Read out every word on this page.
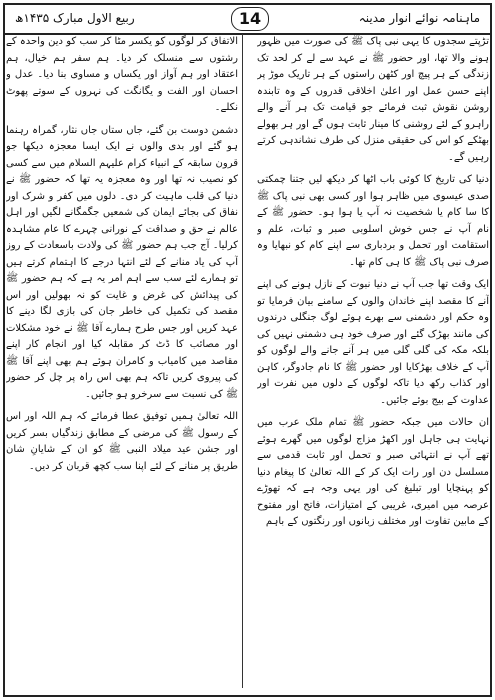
ربیع الاول مبارک ۱۴۳۵ھ	14	ماہنامہ نوائے انوار مدینہ

تڑپتے سجدوں کا یہی نبی پاک ﷺ کی صورت میں ظہور ہونے والا تھا، اور حضور ﷺ نے عہد سے لے کر لحد تک زندگی کے ہر پیچ اور کٹھن راستوں کے ہر تاریک موڑ پر اپنے حسن عمل اور اعلیٰ اخلاقی قدروں کے وہ تابندہ روشن نقوش ثبت فرمائے جو قیامت تک ہر آنے والے راہرو کے لئے روشنی کا مینار ثابت ہوں گے اور ہر بھولے بھٹکے کو اس کی حقیقی منزل کی طرف نشاندہی کرتے رہیں گے۔

دنیا کی تاریخ کا کوئی باب اٹھا کر دیکھ لیں جتنا چمکتی صدی عیسوی میں ظاہر ہوا اور کسی بھی نبی پاک ﷺ کا سا کام یا شخصیت نہ آپ یا ہوا ہو۔ حضور ﷺ کے نام آپ نے جس خوش اسلوبی صبر و ثبات، علم و استقامت اور تحمل و بردباری سے اپنے کام کو نبھایا وہ صرف نبی پاک ﷺ کا ہی کام تھا۔

ایک وقت تھا جب آپ نے دنیا نبوت کے نازل ہونے کی اپنے آنے کا مقصد اپنے خاندان والوں کے سامنے بیان فرمایا تو وہ حکم اور دشمنی سے بھرے ہوئے لوگ جنگلی درندوں کی مانند بھڑک گئے اور صرف خود ہی دشمنی نہیں کی بلکہ مکہ کی گلی گلی میں ہر آنے جانے والے لوگوں کو آپ کے خلاف بھڑکایا اور حضور ﷺ کا نام جادوگر، کاہن اور کذاب رکھ دیا تاکہ لوگوں کے دلوں میں نفرت اور عداوت کے بیج بوئے جائیں۔

ان حالات میں جبکہ حضور ﷺ تمام ملک عرب میں نہایت ہی جاہل اور اکھڑ مزاج لوگوں میں گھرے ہوئے تھے آپ نے انتہائی صبر و تحمل اور ثابت قدمی سے مسلسل دن اور رات ایک کر کے اللہ تعالیٰ کا پیغام دنیا کو پہنچایا اور تبلیغ کی اور یہی وجہ ہے کہ تھوڑے عرصہ میں امیری، غریبی کے امتیازات، فاتح اور مفتوح کے مابین تفاوت اور مختلف زبانوں اور رنگتوں کے باہم

الاتفاق کر لوگوں کو یکسر مٹا کر سب کو دین واحدہ کے رشتوں سے منسلک کر دیا۔ ہم سفر ہم خیال، ہم اعتقاد اور ہم آواز اور یکساں و مساوی بنا دیا۔ عدل و احسان اور الفت و یگانگت کی نہروں کے سوتے پھوٹ نکلے۔

دشمن دوست بن گئے، جاں ستاں جاں نثار، گمراہ رہنما ہو گئے اور بدی والوں نے ایک ایسا معجزہ دیکھا جو قرون سابقہ کے انبیاء کرام علیہم السلام میں سے کسی کو نصیب نہ تھا اور وہ معجزہ یہ تھا کہ حضور ﷺ نے دنیا کی قلب ماہیت کر دی۔ دلوں میں کفر و شرک اور نفاق کی بجائے ایمان کی شمعیں جگمگانے لگیں اور اہل عالم نے حق و صداقت کے نورانی چہرے کا عام مشاہدہ کرلیا۔ آج جب ہم حضور ﷺ کی ولادت باسعادت کے روز آپ کی یاد منانے کے لئے انتہا درجے کا اہتمام کرتے ہیں تو ہمارے لئے سب سے اہم امر یہ ہے کہ ہم حضور ﷺ کی پیدائش کی غرض و غایت کو نہ بھولیں اور اس مقصد کی تکمیل کی خاطر جان کی بازی لگا دینے کا عہد کریں اور جس طرح ہمارے آقا ﷺ نے خود مشکلات اور مصائب کا ڈٹ کر مقابلہ کیا اور انجام کار اپنے مقاصد میں کامیاب و کامران ہوئے ہم بھی اپنے آقا ﷺ کی پیروی کریں تاکہ ہم بھی اس راہ پر چل کر حضور ﷺ کی نسبت سے سرخرو ہو جائیں۔

اللہ تعالیٰ ہمیں توفیق عطا فرمائے کہ ہم اللہ اور اس کے رسول ﷺ کی مرضی کے مطابق زندگیاں بسر کریں اور جشن عید میلاد النبی ﷺ کو ان کے شایانِ شان طریق پر منانے کے لئے اپنا سب کچھ قربان کر دیں۔
